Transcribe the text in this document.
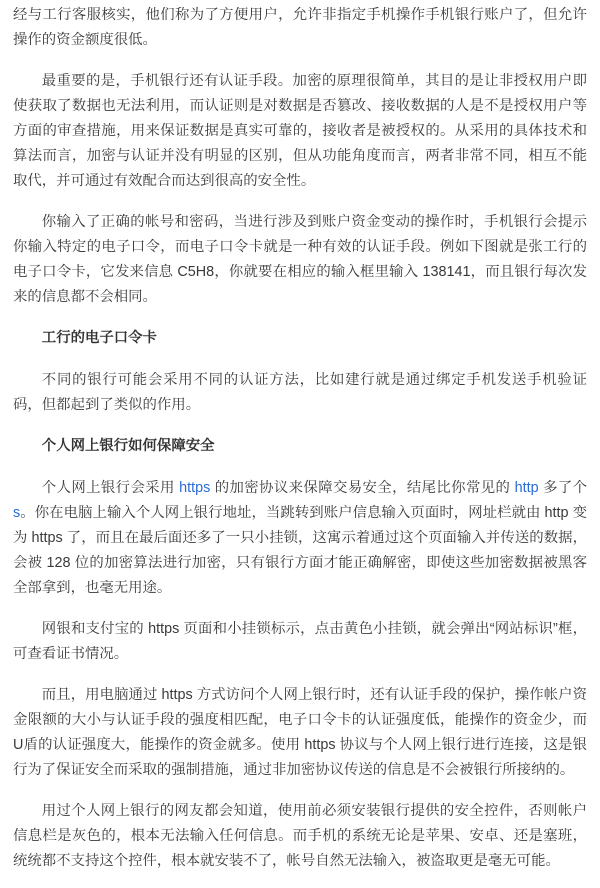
经与工行客服核实，他们称为了方便用户，允许非指定手机操作手机银行账户了，但允许操作的资金额度很低。

最重要的是，手机银行还有认证手段。加密的原理很简单，其目的是让非授权用户即使获取了数据也无法利用，而认证则是对数据是否篡改、接收数据的人是不是授权用户等方面的审查措施，用来保证数据是真实可靠的，接收者是被授权的。从采用的具体技术和算法而言，加密与认证并没有明显的区别，但从功能角度而言，两者非常不同，相互不能取代，并可通过有效配合而达到很高的安全性。

你输入了正确的帐号和密码，当进行涉及到账户资金变动的操作时，手机银行会提示你输入特定的电子口令，而电子口令卡就是一种有效的认证手段。例如下图就是张工行的电子口令卡，它发来信息 C5H8，你就要在相应的输入框里输入 138141，而且银行每次发来的信息都不会相同。

工行的电子口令卡

不同的银行可能会采用不同的认证方法，比如建行就是通过绑定手机发送手机验证码，但都起到了类似的作用。

个人网上银行如何保障安全

个人网上银行会采用 https 的加密协议来保障交易安全，结尾比你常见的 http 多了个 s。你在电脑上输入个人网上银行地址，当跳转到账户信息输入页面时，网址栏就由 http 变为 https 了，而且在最后面还多了一只小挂锁，这寓示着通过这个页面输入并传送的数据，会被 128 位的加密算法进行加密，只有银行方面才能正确解密，即使这些加密数据被黑客全部拿到，也毫无用途。

网银和支付宝的 https 页面和小挂锁标示，点击黄色小挂锁，就会弹出“网站标识”框，可查看证书情况。

而且，用电脑通过 https 方式访问个人网上银行时，还有认证手段的保护，操作帐户资金限额的大小与认证手段的强度相匹配，电子口令卡的认证强度低，能操作的资金少，而 U盾的认证强度大，能操作的资金就多。使用 https 协议与个人网上银行进行连接，这是银行为了保证安全而采取的强制措施，通过非加密协议传送的信息是不会被银行所接纳的。

用过个人网上银行的网友都会知道，使用前必须安装银行提供的安全控件，否则帐户信息栏是灰色的，根本无法输入任何信息。而手机的系统无论是苹果、安卓、还是塞班，统统都不支持这个控件，根本就安装不了，帐号自然无法输入，被盗取更是毫无可能。
